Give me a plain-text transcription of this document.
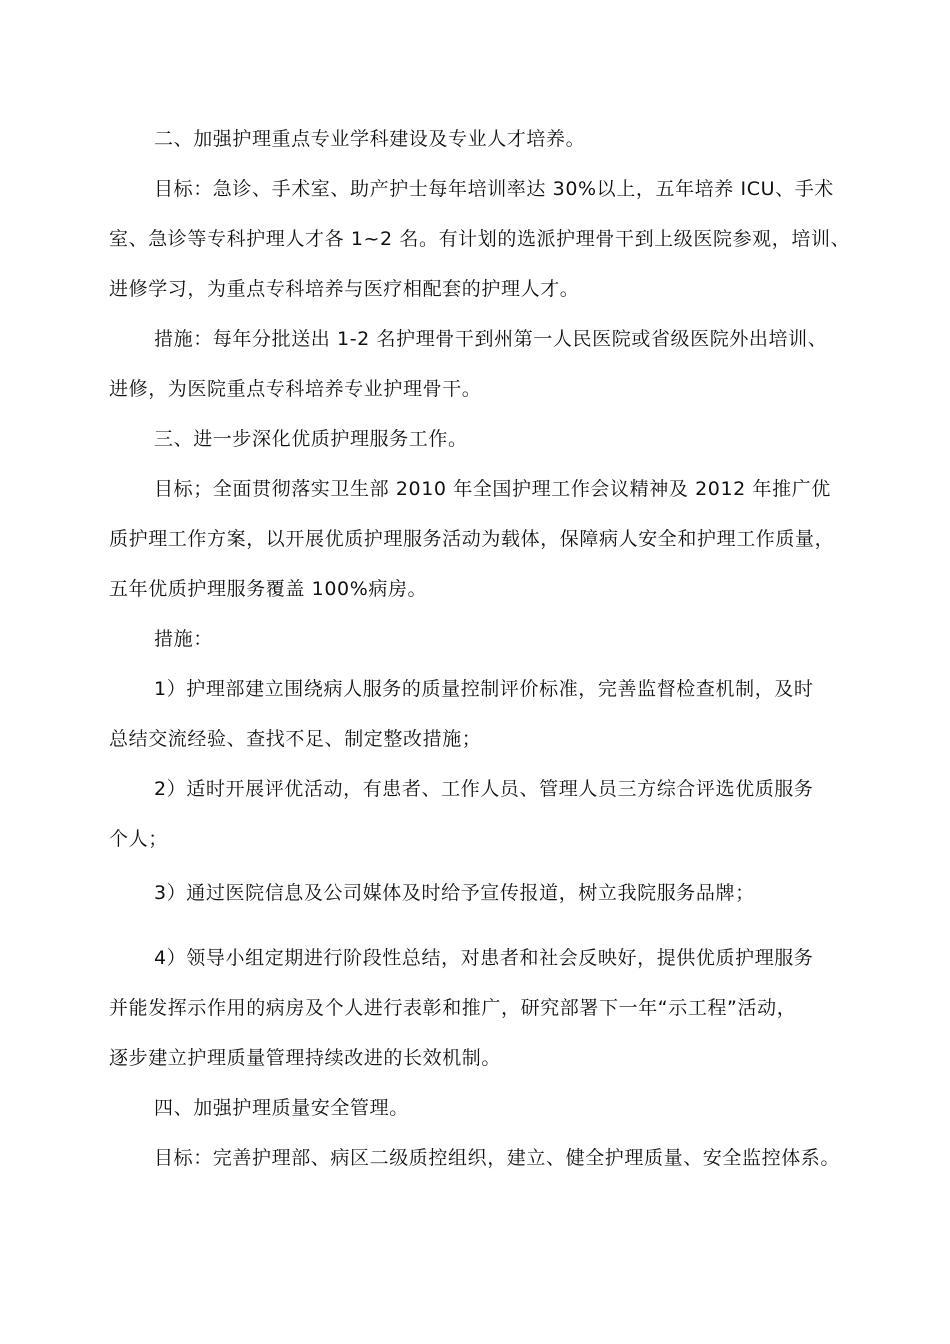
二、加强护理重点专业学科建设及专业人才培养。
目标：急诊、手术室、助产护士每年培训率达 30%以上，五年培养 ICU、手术
室、急诊等专科护理人才各 1~2 名。有计划的选派护理骨干到上级医院参观，培训、
进修学习，为重点专科培养与医疗相配套的护理人才。
措施：每年分批送出 1-2 名护理骨干到州第一人民医院或省级医院外出培训、
进修，为医院重点专科培养专业护理骨干。
三、进一步深化优质护理服务工作。
目标；全面贯彻落实卫生部 2010 年全国护理工作会议精神及 2012 年推广优
质护理工作方案，以开展优质护理服务活动为载体，保障病人安全和护理工作质量，
五年优质护理服务覆盖 100%病房。
措施：
1）护理部建立围绕病人服务的质量控制评价标准，完善监督检查机制，及时
总结交流经验、查找不足、制定整改措施；
2）适时开展评优活动，有患者、工作人员、管理人员三方综合评选优质服务
个人；
3）通过医院信息及公司媒体及时给予宣传报道，树立我院服务品牌；
4）领导小组定期进行阶段性总结，对患者和社会反映好，提供优质护理服务
并能发挥示作用的病房及个人进行表彰和推广，研究部署下一年“示工程”活动，
逐步建立护理质量管理持续改进的长效机制。
四、加强护理质量安全管理。
目标：完善护理部、病区二级质控组织，建立、健全护理质量、安全监控体系。
